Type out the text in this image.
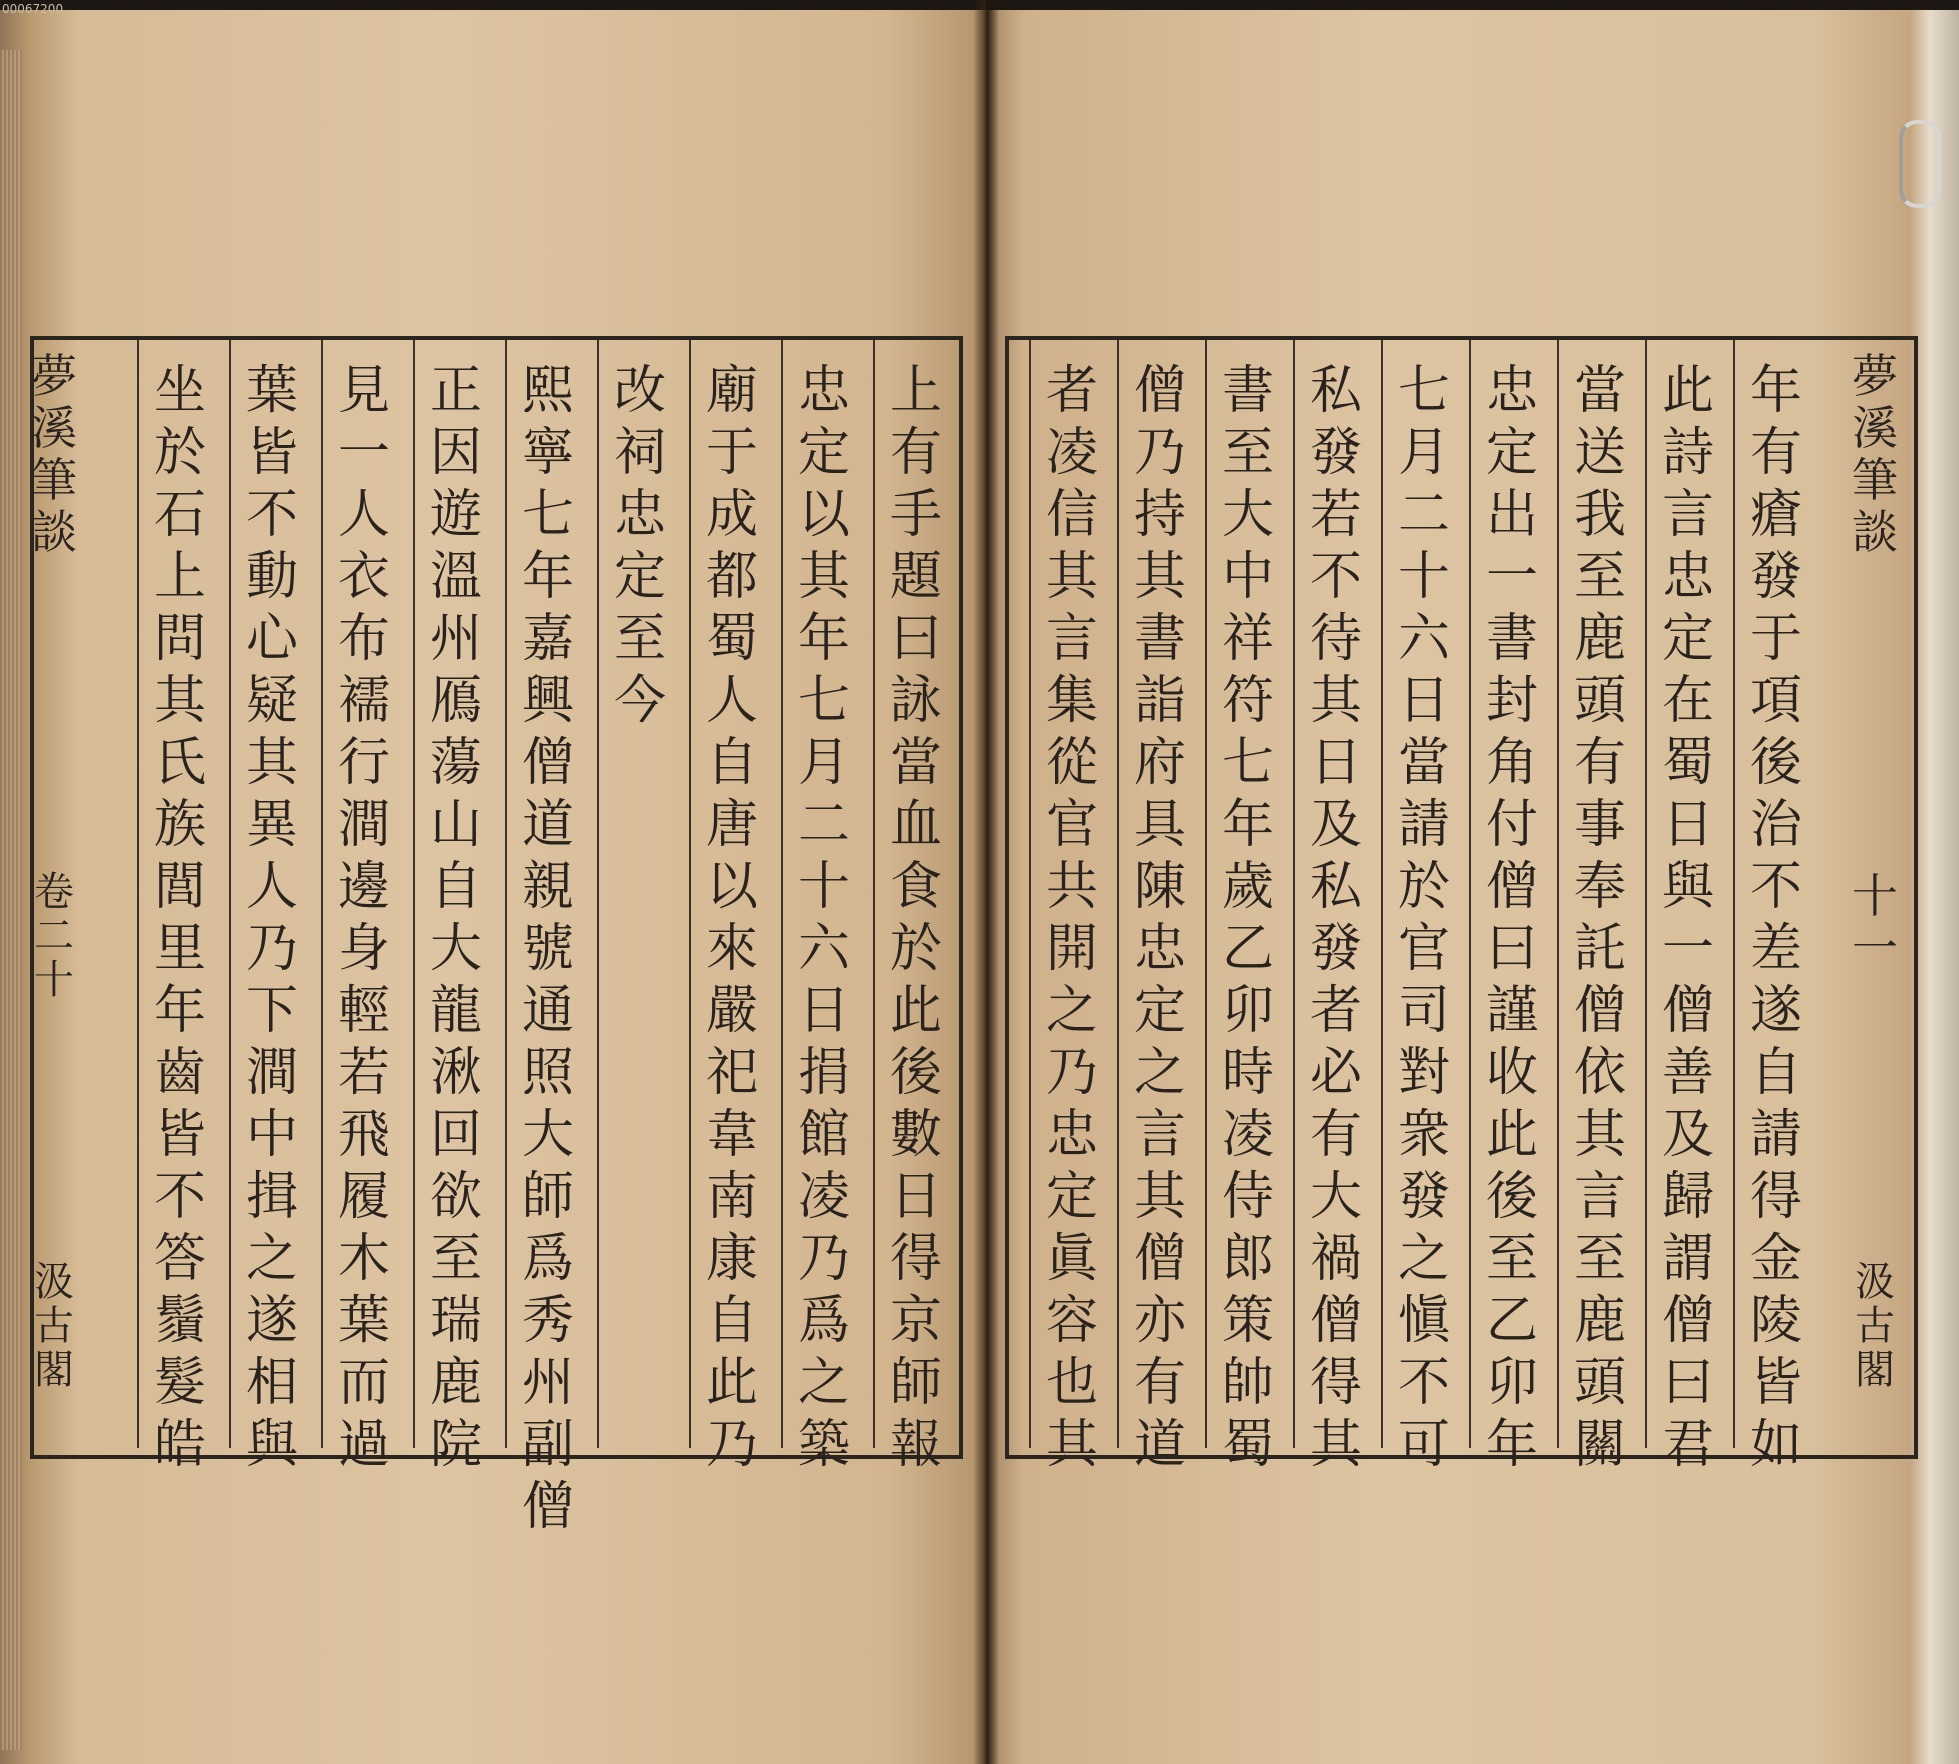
00067200
夢
溪
筆
談
卷
二
十
汲
古
閣
上
有
手
題
曰
詠
當
血
食
於
此
後
數
日
得
京
師
報
忠
定
以
其
年
七
月
二
十
六
日
捐
館
凌
乃
爲
之
築
廟
于
成
都
蜀
人
自
唐
以
來
嚴
祀
韋
南
康
自
此
乃
改
祠
忠
定
至
今
熙
寧
七
年
嘉
興
僧
道
親
號
通
照
大
師
爲
秀
州
副
僧
正
因
遊
溫
州
鴈
蕩
山
自
大
龍
湫
回
欲
至
瑞
鹿
院
見
一
人
衣
布
襦
行
澗
邊
身
輕
若
飛
履
木
葉
而
過
葉
皆
不
動
心
疑
其
異
人
乃
下
澗
中
揖
之
遂
相
與
坐
於
石
上
問
其
氏
族
閭
里
年
齒
皆
不
答
鬚
髮
皓
夢
溪
筆
談
十
一
汲
古
閣
年
有
瘡
發
于
項
後
治
不
差
遂
自
請
得
金
陵
皆
如
此
詩
言
忠
定
在
蜀
日
與
一
僧
善
及
歸
謂
僧
曰
君
當
送
我
至
鹿
頭
有
事
奉
託
僧
依
其
言
至
鹿
頭
關
忠
定
出
一
書
封
角
付
僧
曰
謹
收
此
後
至
乙
卯
年
七
月
二
十
六
日
當
請
於
官
司
對
衆
發
之
愼
不
可
私
發
若
不
待
其
日
及
私
發
者
必
有
大
禍
僧
得
其
書
至
大
中
祥
符
七
年
歲
乙
卯
時
凌
侍
郎
策
帥
蜀
僧
乃
持
其
書
詣
府
具
陳
忠
定
之
言
其
僧
亦
有
道
者
凌
信
其
言
集
從
官
共
開
之
乃
忠
定
眞
容
也
其
